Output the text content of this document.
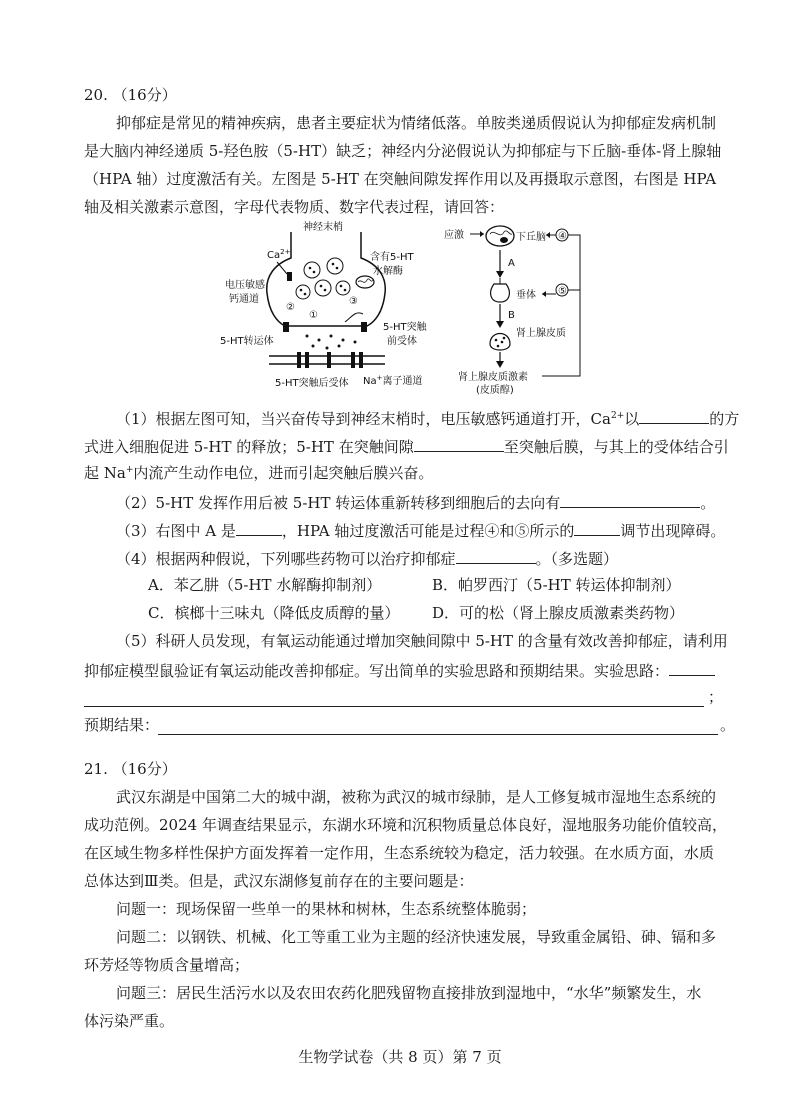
20. （16分）
抑郁症是常见的精神疾病，患者主要症状为情绪低落。单胺类递质假说认为抑郁症发病机制
是大脑内神经递质 5-羟色胺（5-HT）缺乏；神经内分泌假说认为抑郁症与下丘脑-垂体-肾上腺轴
（HPA 轴）过度激活有关。左图是 5-HT 在突触间隙发挥作用以及再摄取示意图，右图是 HPA
轴及相关激素示意图，字母代表物质、数字代表过程，请回答：
神经末梢
含有5-HT
水解酶
$Ca^{2+}$
电压敏感
钙通道
②
①
③
5-HT转运体
5-HT突触
前受体
5-HT突触后受体 Na+离子通道
应激	下丘脑 ④
A
垂体 ⑤
B
肾上腺皮质
肾上腺皮质激素
(皮质醇)
（1）根据左图可知，当兴奋传导到神经末梢时，电压敏感钙通道打开，$Ca^{2+}$以	的方
式进入细胞促进 5-HT 的释放；5-HT 在突触间隙	至突触后膜，与其上的受体结合引
起 Na+内流产生动作电位，进而引起突触后膜兴奋。
（2）5-HT 发挥作用后被 5-HT 转运体重新转移到细胞后的去向有	。
（3）右图中 A 是	，HPA 轴过度激活可能是过程④和⑤所示的	调节出现障碍。
（4）根据两种假说，下列哪些药物可以治疗抑郁症	。（多选题）
A．苯乙肼（5-HT 水解酶抑制剂）	B．帕罗西汀（5-HT 转运体抑制剂）
C．槟榔十三味丸（降低皮质醇的量） D．可的松（肾上腺皮质激素类药物）
（5）科研人员发现，有氧运动能通过增加突触间隙中 5-HT 的含量有效改善抑郁症，请利用
抑郁症模型鼠验证有氧运动能改善抑郁症。写出简单的实验思路和预期结果。实验思路：
；
预期结果：	。
21. （16分）
武汉东湖是中国第二大的城中湖，被称为武汉的城市绿肺，是人工修复城市湿地生态系统的
成功范例。2024 年调查结果显示，东湖水环境和沉积物质量总体良好，湿地服务功能价值较高，
在区域生物多样性保护方面发挥着一定作用，生态系统较为稳定，活力较强。在水质方面，水质
总体达到Ⅲ类。但是，武汉东湖修复前存在的主要问题是：
问题一：现场保留一些单一的果林和树林，生态系统整体脆弱；
问题二：以钢铁、机械、化工等重工业为主题的经济快速发展，导致重金属铅、砷、镉和多
环芳烃等物质含量增高；
问题三：居民生活污水以及农田农药化肥残留物直接排放到湿地中，“水华”频繁发生，水
体污染严重。
生物学试卷（共 8 页）第 7 页
